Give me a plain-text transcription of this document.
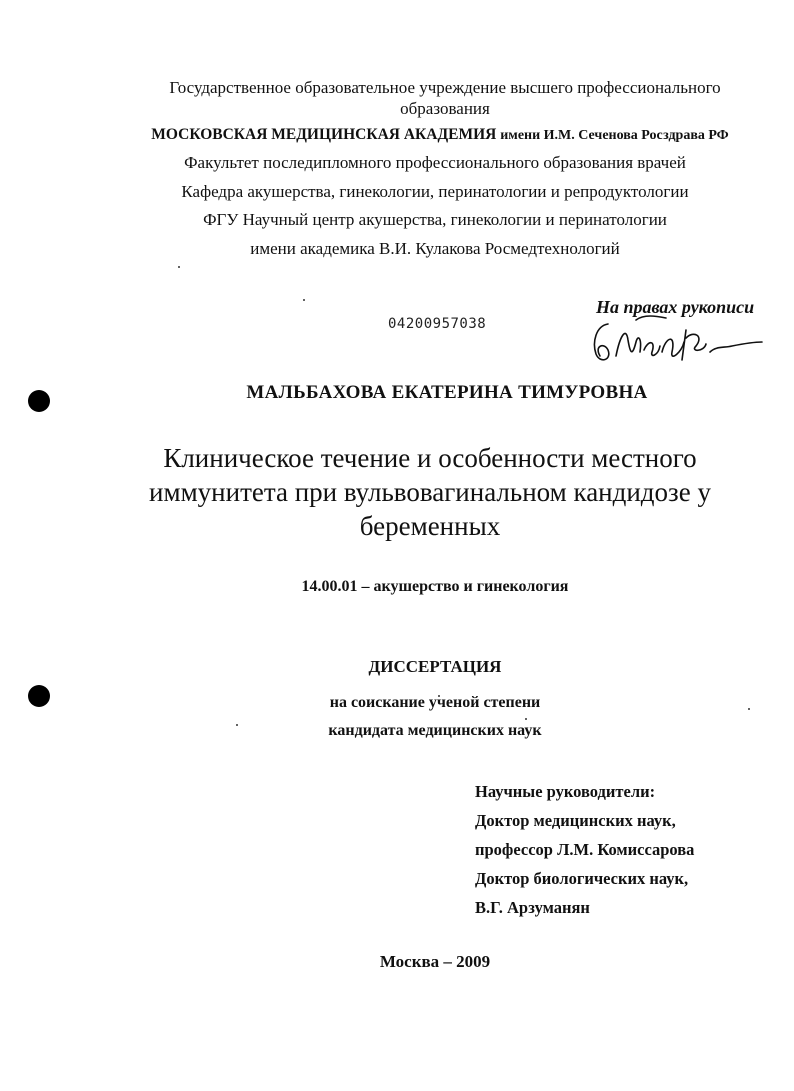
Государственное образовательное учреждение высшего профессионального
образования
МОСКОВСКАЯ МЕДИЦИНСКАЯ АКАДЕМИЯ имени И.М. Сеченова Росздрава РФ
Факультет последипломного профессионального образования врачей
Кафедра акушерства, гинекологии, перинатологии и репродуктологии
ФГУ Научный центр акушерства, гинекологии и перинатологии
имени академика В.И. Кулакова Росмедтехнологий
04200957038
На правах рукописи
МАЛЬБАХОВА ЕКАТЕРИНА ТИМУРОВНА
Клиническое течение и особенности местного
иммунитета при вульвовагинальном кандидозе у
беременных
14.00.01 – акушерство и гинекология
ДИССЕРТАЦИЯ
на соискание ученой степени
кандидата медицинских наук
Научные руководители:
Доктор медицинских наук,
профессор Л.М. Комиссарова
Доктор биологических наук,
В.Г. Арзуманян
Москва – 2009
